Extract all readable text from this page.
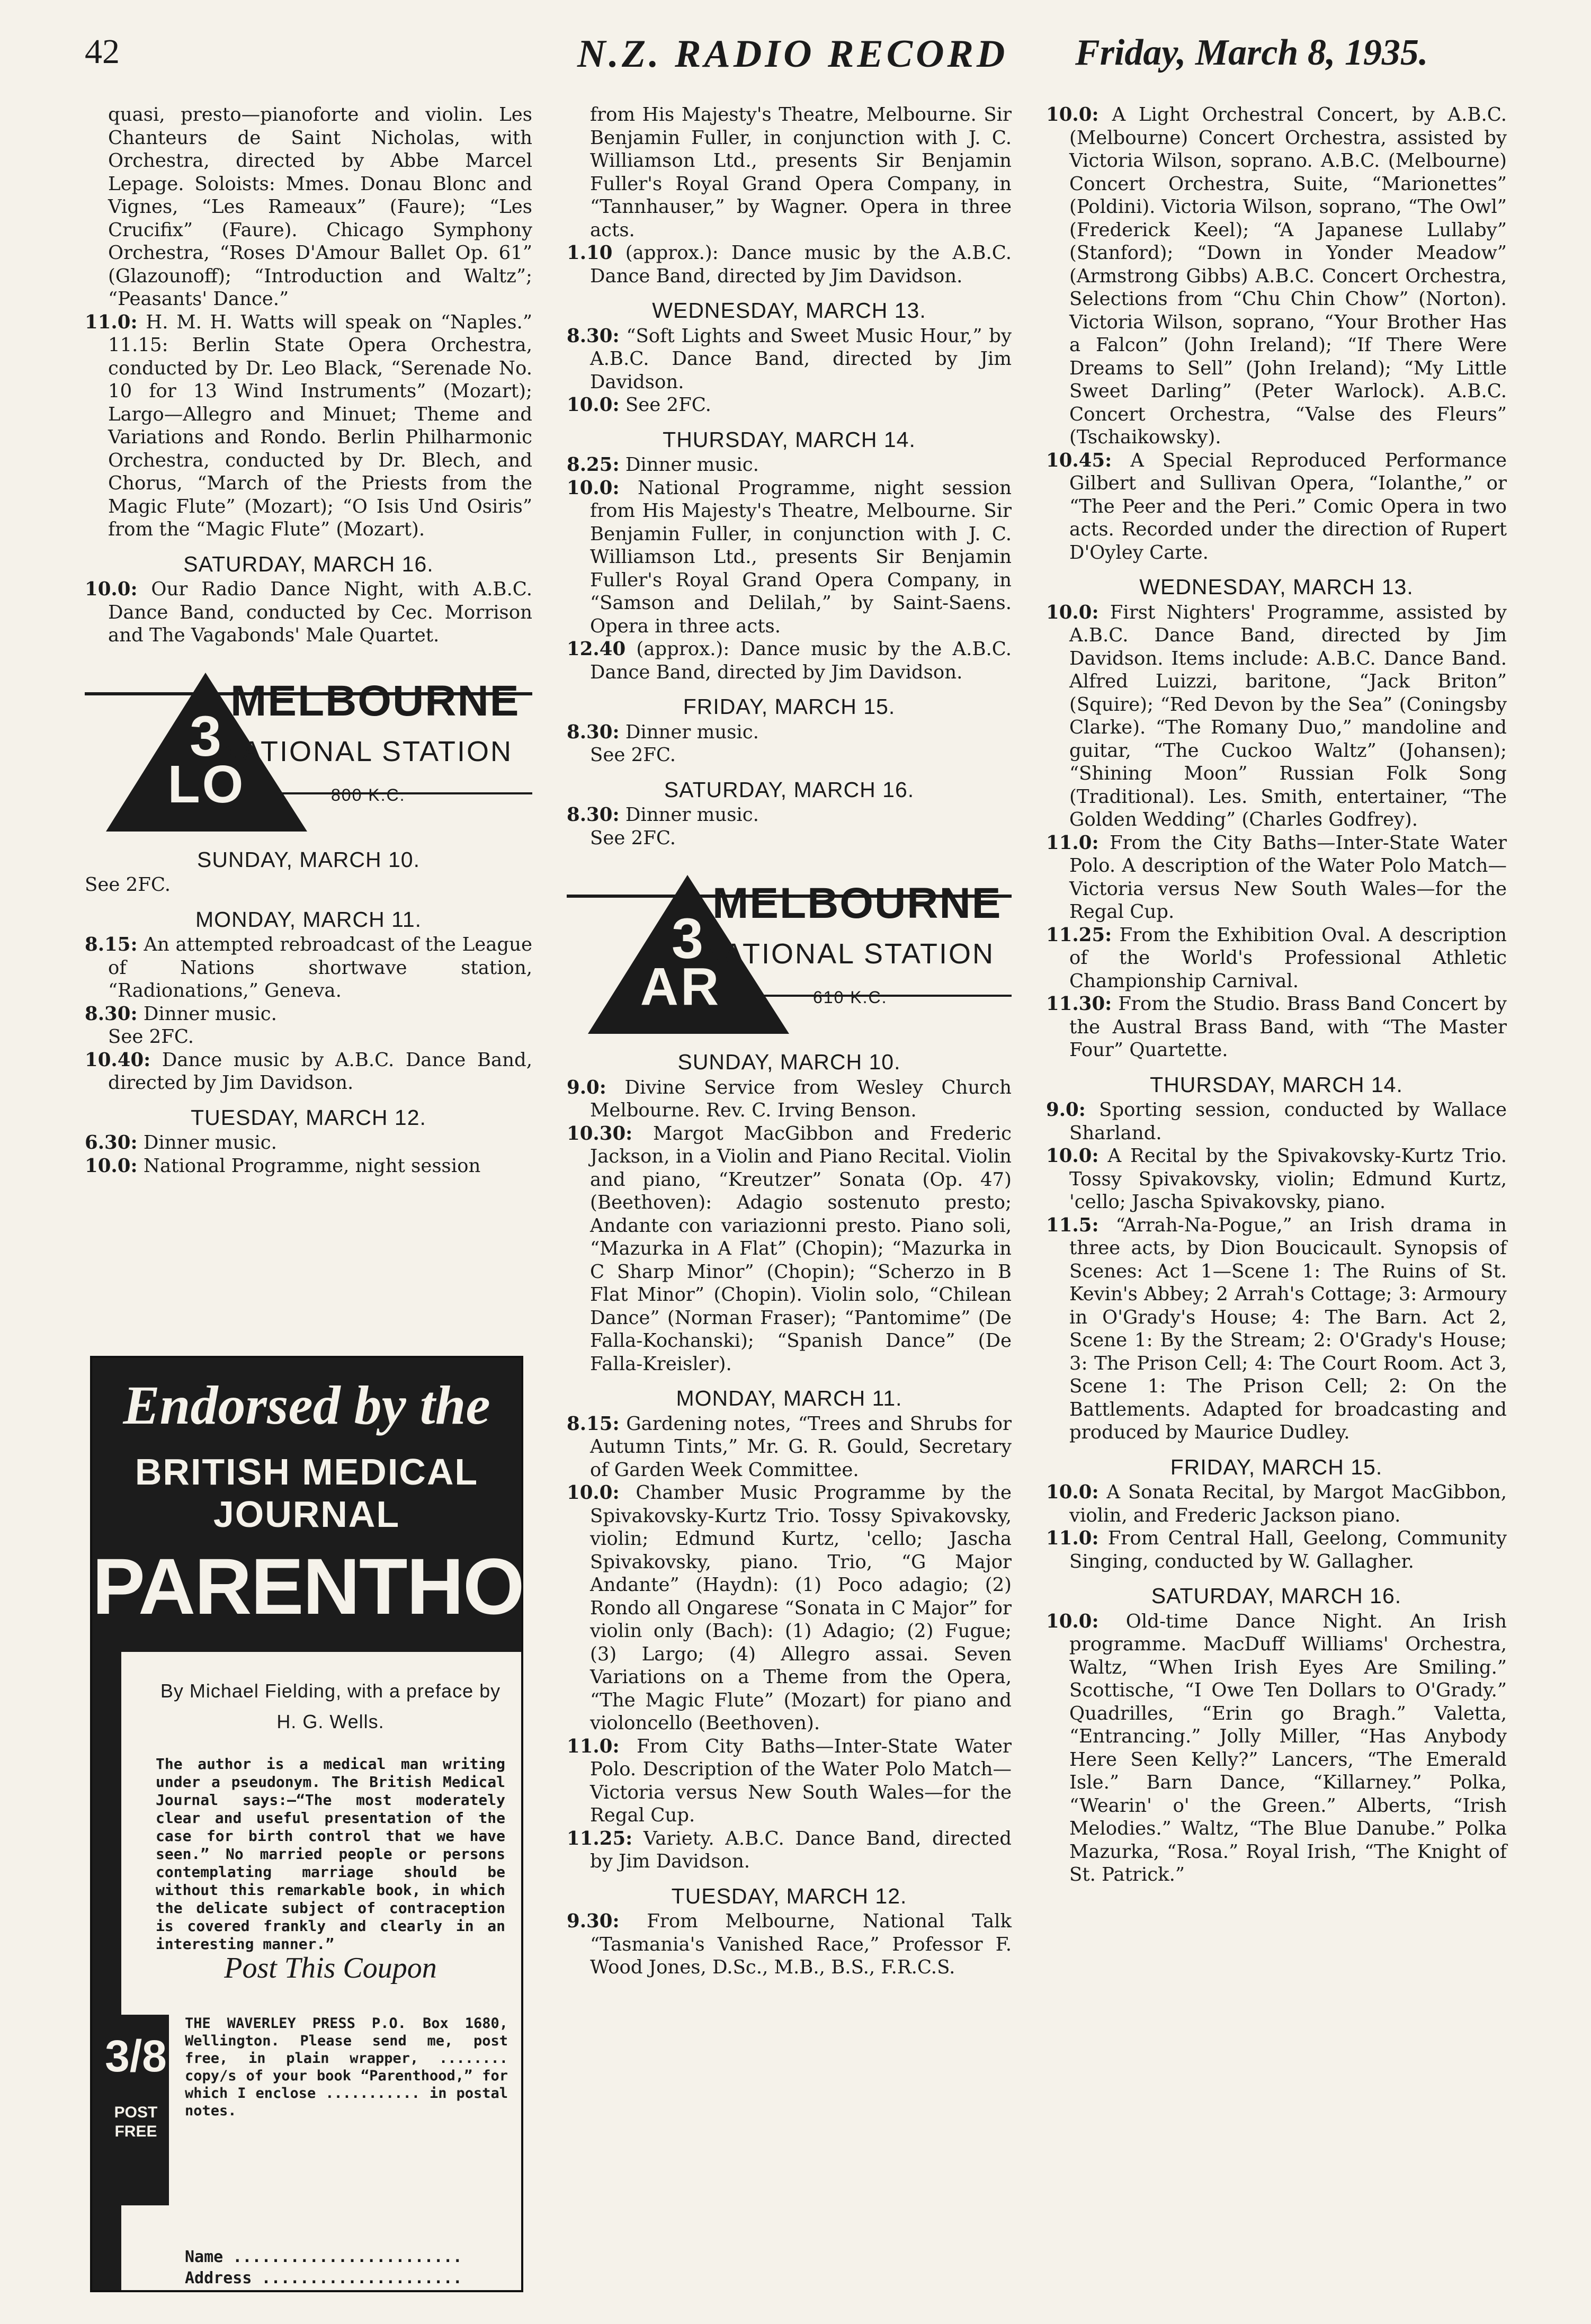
42	N.Z. RADIO RECORD Friday, March 8, 1935.

quasi, presto—pianoforte and violin. Les Chanteurs de Saint Nicholas, with Orchestra, directed by Abbe Marcel Lepage. Soloists: Mmes. Donau Blonc and Vignes, “Les Rameaux” (Faure); “Les Crucifix” (Faure). Chicago Symphony Orchestra, “Roses D'Amour Ballet Op. 61” (Glazounoff); “Introduction and Waltz”; “Peasants' Dance.”

11.0: H. M. H. Watts will speak on “Naples.” 11.15: Berlin State Opera Orchestra, conducted by Dr. Leo Black, “Serenade No. 10 for 13 Wind Instruments” (Mozart); Largo—Allegro and Minuet; Theme and Variations and Rondo. Berlin Philharmonic Orchestra, conducted by Dr. Blech, and Chorus, “March of the Priests from the Magic Flute” (Mozart); “O Isis Und Osiris” from the “Magic Flute” (Mozart).

SATURDAY, MARCH 16.

10.0: Our Radio Dance Night, with A.B.C. Dance Band, conducted by Cec. Morrison and The Vagabonds' Male Quartet.

3
LO
MELBOURNE
NATIONAL STATION
800 K.C.
SUNDAY, MARCH 10.

See 2FC.

MONDAY, MARCH 11.

8.15: An attempted rebroadcast of the League of Nations shortwave station, “Radionations,” Geneva.

8.30: Dinner music.

See 2FC.

10.40: Dance music by A.B.C. Dance Band, directed by Jim Davidson.

TUESDAY, MARCH 12.

6.30: Dinner music.

10.0: National Programme, night session

Endorsed by the
BRITISH MEDICAL
JOURNAL
PARENTHOOD
By Michael Fielding, with a preface by H. G. Wells.
The author is a medical man writing under a pseudonym. The British Medical Journal says:—“The most moderately clear and useful presentation of the case for birth control that we have seen.” No married people or persons contemplating marriage should be without this remarkable book, in which the delicate subject of contraception is covered frankly and clearly in an interesting manner.”
Post This Coupon
3/8
POST FREE
THE WAVERLEY PRESS P.O. Box 1680, Wellington. Please send me, post free, in plain wrapper, ........ copy/s of your book “Parenthood,” for which I enclose ........... in postal notes.
Name ........................
Address .....................

from His Majesty's Theatre, Melbourne. Sir Benjamin Fuller, in conjunction with J. C. Williamson Ltd., presents Sir Benjamin Fuller's Royal Grand Opera Company, in “Tannhauser,” by Wagner. Opera in three acts.

1.10 (approx.): Dance music by the A.B.C. Dance Band, directed by Jim Davidson.

WEDNESDAY, MARCH 13.

8.30: “Soft Lights and Sweet Music Hour,” by A.B.C. Dance Band, directed by Jim Davidson.

10.0: See 2FC.

THURSDAY, MARCH 14.

8.25: Dinner music.

10.0: National Programme, night session from His Majesty's Theatre, Melbourne. Sir Benjamin Fuller, in conjunction with J. C. Williamson Ltd., presents Sir Benjamin Fuller's Royal Grand Opera Company, in “Samson and Delilah,” by Saint-Saens. Opera in three acts.

12.40 (approx.): Dance music by the A.B.C. Dance Band, directed by Jim Davidson.

FRIDAY, MARCH 15.

8.30: Dinner music.

See 2FC.

SATURDAY, MARCH 16.

8.30: Dinner music.

See 2FC.

3
AR
MELBOURNE
NATIONAL STATION
610 K.C.
SUNDAY, MARCH 10.

9.0: Divine Service from Wesley Church Melbourne. Rev. C. Irving Benson.

10.30: Margot MacGibbon and Frederic Jackson, in a Violin and Piano Recital. Violin and piano, “Kreutzer” Sonata (Op. 47) (Beethoven): Adagio sostenuto presto; Andante con variazionni presto. Piano soli, “Mazurka in A Flat” (Chopin); “Mazurka in C Sharp Minor” (Chopin); “Scherzo in B Flat Minor” (Chopin). Violin solo, “Chilean Dance” (Norman Fraser); “Pantomime” (De Falla-Kochanski); “Spanish Dance” (De Falla-Kreisler).

MONDAY, MARCH 11.

8.15: Gardening notes, “Trees and Shrubs for Autumn Tints,” Mr. G. R. Gould, Secretary of Garden Week Committee.

10.0: Chamber Music Programme by the Spivakovsky-Kurtz Trio. Tossy Spivakovsky, violin; Edmund Kurtz, 'cello; Jascha Spivakovsky, piano. Trio, “G Major Andante” (Haydn): (1) Poco adagio; (2) Rondo all Ongarese “Sonata in C Major” for violin only (Bach): (1) Adagio; (2) Fugue; (3) Largo; (4) Allegro assai. Seven Variations on a Theme from the Opera, “The Magic Flute” (Mozart) for piano and violoncello (Beethoven).

11.0: From City Baths—Inter-State Water Polo. Description of the Water Polo Match—Victoria versus New South Wales—for the Regal Cup.

11.25: Variety. A.B.C. Dance Band, directed by Jim Davidson.

TUESDAY, MARCH 12.

9.30: From Melbourne, National Talk “Tasmania's Vanished Race,” Professor F. Wood Jones, D.Sc., M.B., B.S., F.R.C.S.

10.0: A Light Orchestral Concert, by A.B.C. (Melbourne) Concert Orchestra, assisted by Victoria Wilson, soprano. A.B.C. (Melbourne) Concert Orchestra, Suite, “Marionettes” (Poldini). Victoria Wilson, soprano, “The Owl” (Frederick Keel); “A Japanese Lullaby” (Stanford); “Down in Yonder Meadow” (Armstrong Gibbs) A.B.C. Concert Orchestra, Selections from “Chu Chin Chow” (Norton). Victoria Wilson, soprano, “Your Brother Has a Falcon” (John Ireland); “If There Were Dreams to Sell” (John Ireland); “My Little Sweet Darling” (Peter Warlock). A.B.C. Concert Orchestra, “Valse des Fleurs” (Tschaikowsky).

10.45: A Special Reproduced Performance Gilbert and Sullivan Opera, “Iolanthe,” or “The Peer and the Peri.” Comic Opera in two acts. Recorded under the direction of Rupert D'Oyley Carte.

WEDNESDAY, MARCH 13.

10.0: First Nighters' Programme, assisted by A.B.C. Dance Band, directed by Jim Davidson. Items include: A.B.C. Dance Band. Alfred Luizzi, baritone, “Jack Briton” (Squire); “Red Devon by the Sea” (Coningsby Clarke). “The Romany Duo,” mandoline and guitar, “The Cuckoo Waltz” (Johansen); “Shining Moon” Russian Folk Song (Traditional). Les. Smith, entertainer, “The Golden Wedding” (Charles Godfrey).

11.0: From the City Baths—Inter-State Water Polo. A description of the Water Polo Match—Victoria versus New South Wales—for the Regal Cup.

11.25: From the Exhibition Oval. A description of the World's Professional Athletic Championship Carnival.

11.30: From the Studio. Brass Band Concert by the Austral Brass Band, with “The Master Four” Quartette.

THURSDAY, MARCH 14.

9.0: Sporting session, conducted by Wallace Sharland.

10.0: A Recital by the Spivakovsky-Kurtz Trio. Tossy Spivakovsky, violin; Edmund Kurtz, 'cello; Jascha Spivakovsky, piano.

11.5: “Arrah-Na-Pogue,” an Irish drama in three acts, by Dion Boucicault. Synopsis of Scenes: Act 1—Scene 1: The Ruins of St. Kevin's Abbey; 2 Arrah's Cottage; 3: Armoury in O'Grady's House; 4: The Barn. Act 2, Scene 1: By the Stream; 2: O'Grady's House; 3: The Prison Cell; 4: The Court Room. Act 3, Scene 1: The Prison Cell; 2: On the Battlements. Adapted for broadcasting and produced by Maurice Dudley.

FRIDAY, MARCH 15.

10.0: A Sonata Recital, by Margot MacGibbon, violin, and Frederic Jackson piano.

11.0: From Central Hall, Geelong, Community Singing, conducted by W. Gallagher.

SATURDAY, MARCH 16.

10.0: Old-time Dance Night. An Irish programme. MacDuff Williams' Orchestra, Waltz, “When Irish Eyes Are Smiling.” Scottische, “I Owe Ten Dollars to O'Grady.” Quadrilles, “Erin go Bragh.” Valetta, “Entrancing.” Jolly Miller, “Has Anybody Here Seen Kelly?” Lancers, “The Emerald Isle.” Barn Dance, “Killarney.” Polka, “Wearin' o' the Green.” Alberts, “Irish Melodies.” Waltz, “The Blue Danube.” Polka Mazurka, “Rosa.” Royal Irish, “The Knight of St. Patrick.”
